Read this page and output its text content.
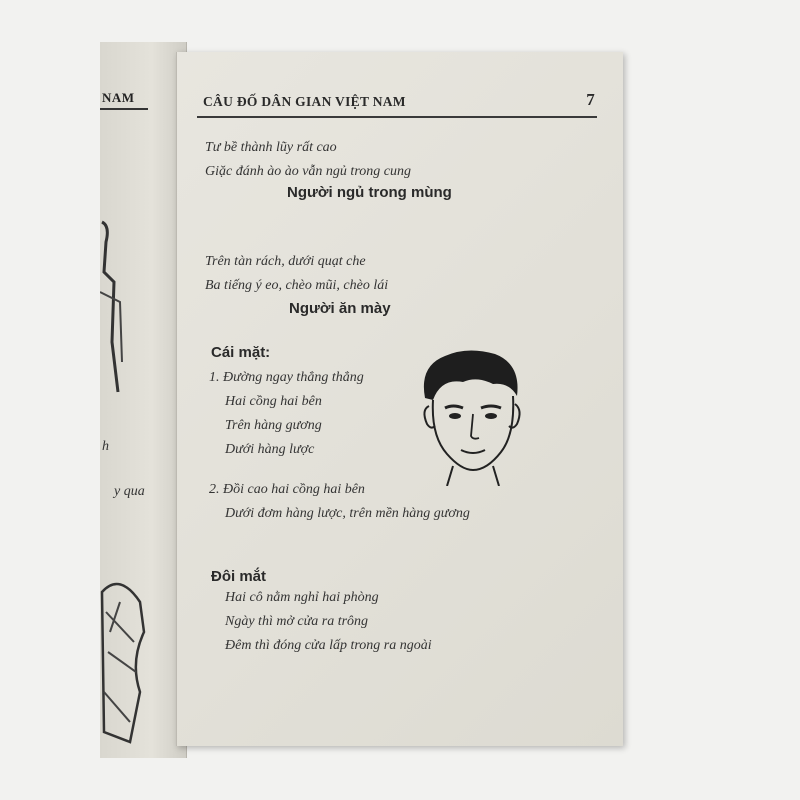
NAM
h
y qua
CÂU ĐỐ DÂN GIAN VIỆT NAM	7
Tư bề thành lũy rất cao
Giặc đánh ào ào vẫn ngủ trong cung
Người ngủ trong mùng
Trên tàn rách, dưới quạt che
Ba tiếng ý eo, chèo mũi, chèo lái
Người ăn mày
Cái mặt:
1. Đường ngay thẳng thẳng
Hai cồng hai bên
Trên hàng gương
Dưới hàng lược
2. Đồi cao hai cồng hai bên
Dưới đơm hàng lược, trên mền hàng gương
Đôi mắt
Hai cô nằm nghỉ hai phòng
Ngày thì mở cửa ra trông
Đêm thì đóng cửa lấp trong ra ngoài
